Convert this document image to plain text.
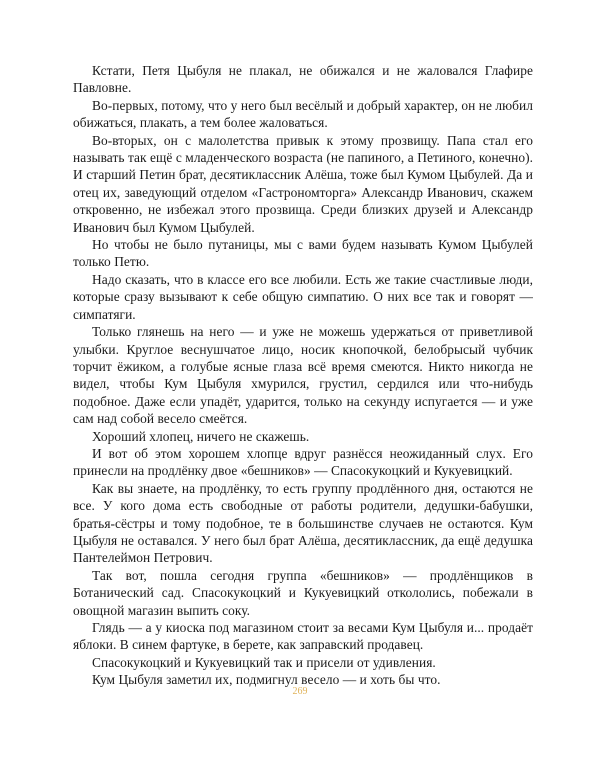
Кстати, Петя Цыбуля не плакал, не обижался и не жаловался Глафире Павловне.

Во-первых, потому, что у него был весёлый и добрый характер, он не любил обижаться, плакать, а тем более жаловаться.

Во-вторых, он с малолетства привык к этому прозвищу. Папа стал его называть так ещё с младенческого возраста (не папиного, а Петиного, конечно). И старший Петин брат, десятиклассник Алёша, тоже был Кумом Цыбулей. Да и отец их, заведующий отделом «Гастрономторга» Александр Иванович, скажем откровенно, не избежал этого прозвища. Среди близких друзей и Александр Иванович был Кумом Цыбулей.

Но чтобы не было путаницы, мы с вами будем называть Кумом Цыбулей только Петю.

Надо сказать, что в классе его все любили. Есть же такие счастливые люди, которые сразу вызывают к себе общую симпатию. О них все так и говорят — симпатяги.

Только глянешь на него — и уже не можешь удержаться от приветливой улыбки. Круглое веснушчатое лицо, носик кнопочкой, белобрысый чубчик торчит ёжиком, а голубые ясные глаза всё время смеются. Никто никогда не видел, чтобы Кум Цыбуля хмурился, грустил, сердился или что-нибудь подобное. Даже если упадёт, ударится, только на секунду испугается — и уже сам над собой весело смеётся.

Хороший хлопец, ничего не скажешь.

И вот об этом хорошем хлопце вдруг разнёсся неожиданный слух. Его принесли на продлёнку двое «бешников» — Спасокукоцкий и Кукуевицкий.

Как вы знаете, на продлёнку, то есть группу продлённого дня, остаются не все. У кого дома есть свободные от работы родители, дедушки-бабушки, братья-сёстры и тому подобное, те в большинстве случаев не остаются. Кум Цыбуля не оставался. У него был брат Алёша, десятиклассник, да ещё дедушка Пантелеймон Петрович.

Так вот, пошла сегодня группа «бешников» — продлёнщиков в Ботанический сад. Спасокукоцкий и Кукуевицкий откололись, побежали в овощной магазин выпить соку.

Глядь — а у киоска под магазином стоит за весами Кум Цыбуля и... продаёт яблоки. В синем фартуке, в берете, как заправский продавец.

Спасокукоцкий и Кукуевицкий так и присели от удивления.

Кум Цыбуля заметил их, подмигнул весело — и хоть бы что.

269
